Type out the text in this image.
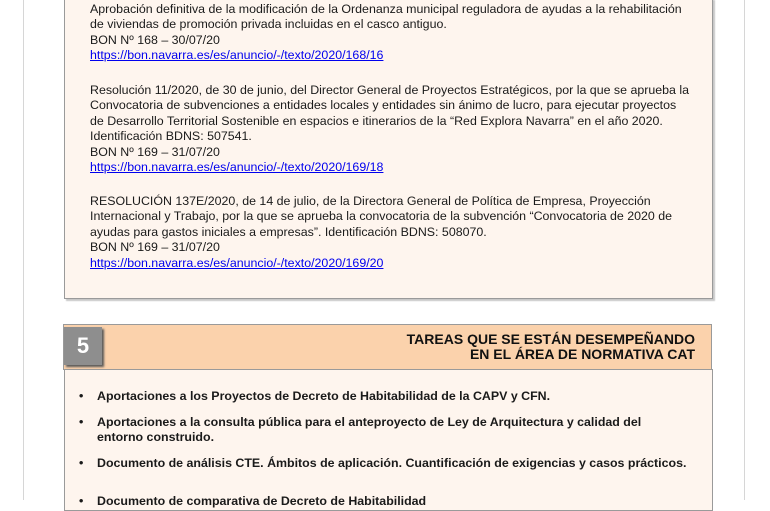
Aprobación definitiva de la modificación de la Ordenanza municipal reguladora de ayudas a la rehabilitación de viviendas de promoción privada incluidas en el casco antiguo.

BON Nº 168 – 30/07/20

https://bon.navarra.es/es/anuncio/-/texto/2020/168/16

Resolución 11/2020, de 30 de junio, del Director General de Proyectos Estratégicos, por la que se aprueba la Convocatoria de subvenciones a entidades locales y entidades sin ánimo de lucro, para ejecutar proyectos de Desarrollo Territorial Sostenible en espacios e itinerarios de la “Red Explora Navarra” en el año 2020. Identificación BDNS: 507541.

BON Nº 169 – 31/07/20

https://bon.navarra.es/es/anuncio/-/texto/2020/169/18

RESOLUCIÓN 137E/2020, de 14 de julio, de la Directora General de Política de Empresa, Proyección Internacional y Trabajo, por la que se aprueba la convocatoria de la subvención “Convocatoria de 2020 de ayudas para gastos iniciales a empresas”. Identificación BDNS: 508070.

BON Nº 169 – 31/07/20

https://bon.navarra.es/es/anuncio/-/texto/2020/169/20

5	TAREAS QUE SE ESTÁN DESEMPEÑANDO
EN EL ÁREA DE NORMATIVA CAT
• Aportaciones a los Proyectos de Decreto de Habitabilidad de la CAPV y CFN.
• Aportaciones a la consulta pública para el anteproyecto de Ley de Arquitectura y calidad del entorno construido.
• Documento de análisis CTE. Ámbitos de aplicación. Cuantificación de exigencias y casos prácticos.
• Documento de comparativa de Decreto de Habitabilidad
